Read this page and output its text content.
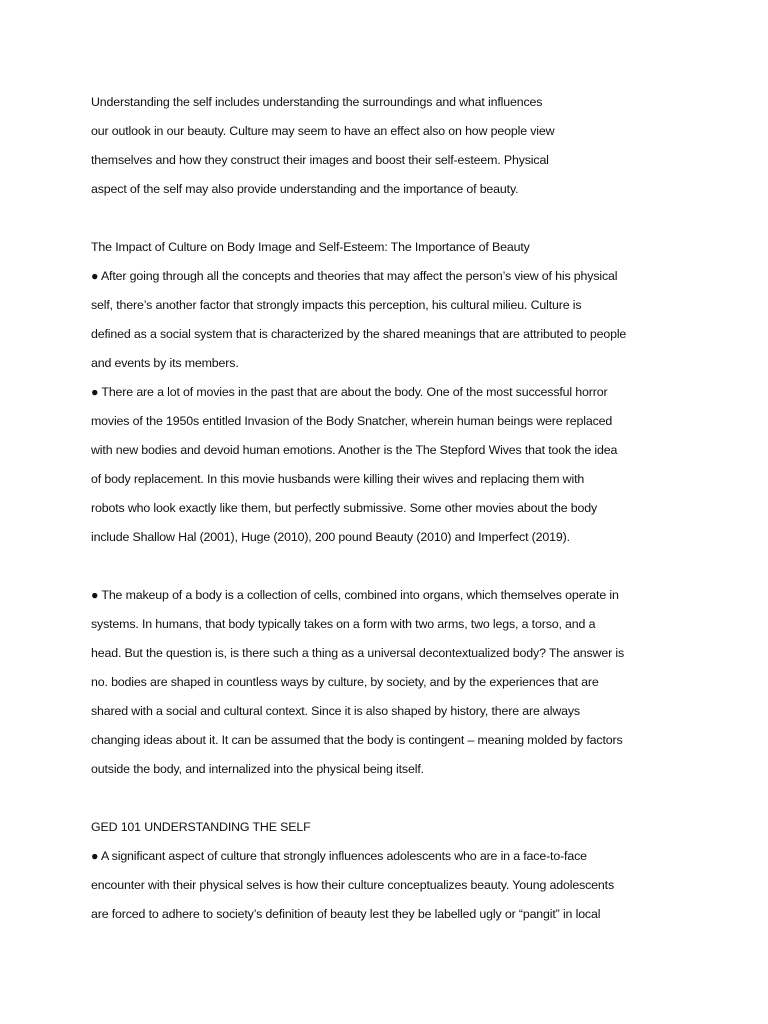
Understanding the self includes understanding the surroundings and what influences
our outlook in our beauty. Culture may seem to have an effect also on how people view
themselves and how they construct their images and boost their self-esteem. Physical
aspect of the self may also provide understanding and the importance of beauty.
The Impact of Culture on Body Image and Self-Esteem: The Importance of Beauty
● After going through all the concepts and theories that may affect the person’s view of his physical
self, there’s another factor that strongly impacts this perception, his cultural milieu. Culture is
defined as a social system that is characterized by the shared meanings that are attributed to people
and events by its members.
● There are a lot of movies in the past that are about the body. One of the most successful horror
movies of the 1950s entitled Invasion of the Body Snatcher, wherein human beings were replaced
with new bodies and devoid human emotions. Another is the The Stepford Wives that took the idea
of body replacement. In this movie husbands were killing their wives and replacing them with
robots who look exactly like them, but perfectly submissive. Some other movies about the body
include Shallow Hal (2001), Huge (2010), 200 pound Beauty (2010) and Imperfect (2019).
● The makeup of a body is a collection of cells, combined into organs, which themselves operate in
systems. In humans, that body typically takes on a form with two arms, two legs, a torso, and a
head. But the question is, is there such a thing as a universal decontextualized body? The answer is
no. bodies are shaped in countless ways by culture, by society, and by the experiences that are
shared with a social and cultural context. Since it is also shaped by history, there are always
changing ideas about it. It can be assumed that the body is contingent – meaning molded by factors
outside the body, and internalized into the physical being itself.
GED 101 UNDERSTANDING THE SELF
● A significant aspect of culture that strongly influences adolescents who are in a face-to-face
encounter with their physical selves is how their culture conceptualizes beauty. Young adolescents
are forced to adhere to society’s definition of beauty lest they be labelled ugly or “pangit” in local
